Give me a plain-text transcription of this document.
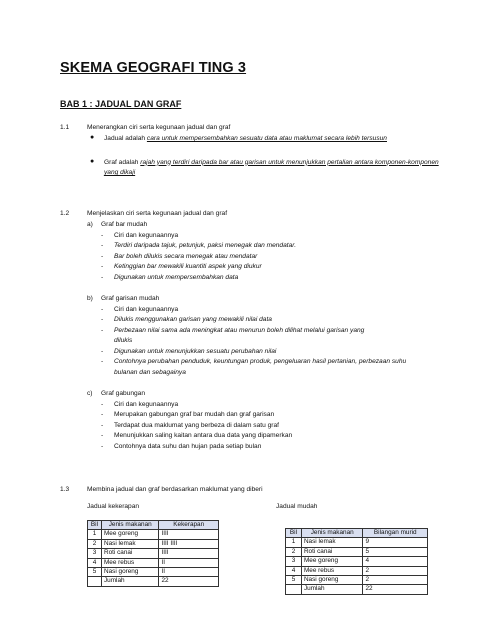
SKEMA GEOGRAFI TING 3
BAB 1 : JADUAL DAN GRAF
1.1	Menerangkan ciri serta kegunaan jadual dan graf
● Jadual adalah cara untuk mempersembahkan sesuatu data atau maklumat secara lebih tersusun
● Graf adalah rajah yang terdiri daripada bar atau garisan untuk menunjukkan pertalian antara komponen-komponen yang dikaji
1.2	Menjelaskan ciri serta kegunaan jadual dan graf
a)	Graf bar mudah
- Ciri dan kegunaannya
- Terdiri daripada tajuk, petunjuk, paksi menegak dan mendatar.
- Bar boleh dilukis secara menegak atau mendatar
- Ketinggian bar mewakili kuantiti aspek yang diukur
- Digunakan untuk mempersembahkan data
b)	Graf garisan mudah
- Ciri dan kegunaannya
- Dilukis menggunakan garisan yang mewakili nilai data
- Perbezaan nilai sama ada meningkat atau menurun boleh dilihat melalui garisan yang dilukis
- Digunakan untuk menunjukkan sesuatu perubahan nilai
- Contohnya perubahan penduduk, keuntungan produk, pengeluaran hasil pertanian, perbezaan suhu bulanan dan sebagainya
c)	Graf gabungan
- Ciri dan kegunaannya
- Merupakan gabungan graf bar mudah dan graf garisan
- Terdapat dua maklumat yang berbeza di dalam satu graf
- Menunjukkan saling kaitan antara dua data yang dipamerkan
- Contohnya data suhu dan hujan pada setiap bulan
1.3	Membina jadual dan graf berdasarkan maklumat yang diberi
Jadual kekerapan	Jadual mudah
Bil	Jenis makanan	Kekerapan
1	Mee goreng	IIII
2	Nasi lemak	IIII IIII
3	Roti canai	IIII
4	Mee rebus	II
5	Nasi goreng	II
	Jumlah	22
Bil	Jenis makanan	Bilangan murid
1	Nasi lemak	9
2	Roti canai	5
3	Mee goreng	4
4	Mee rebus	2
5	Nasi goreng	2
	Jumlah	22
